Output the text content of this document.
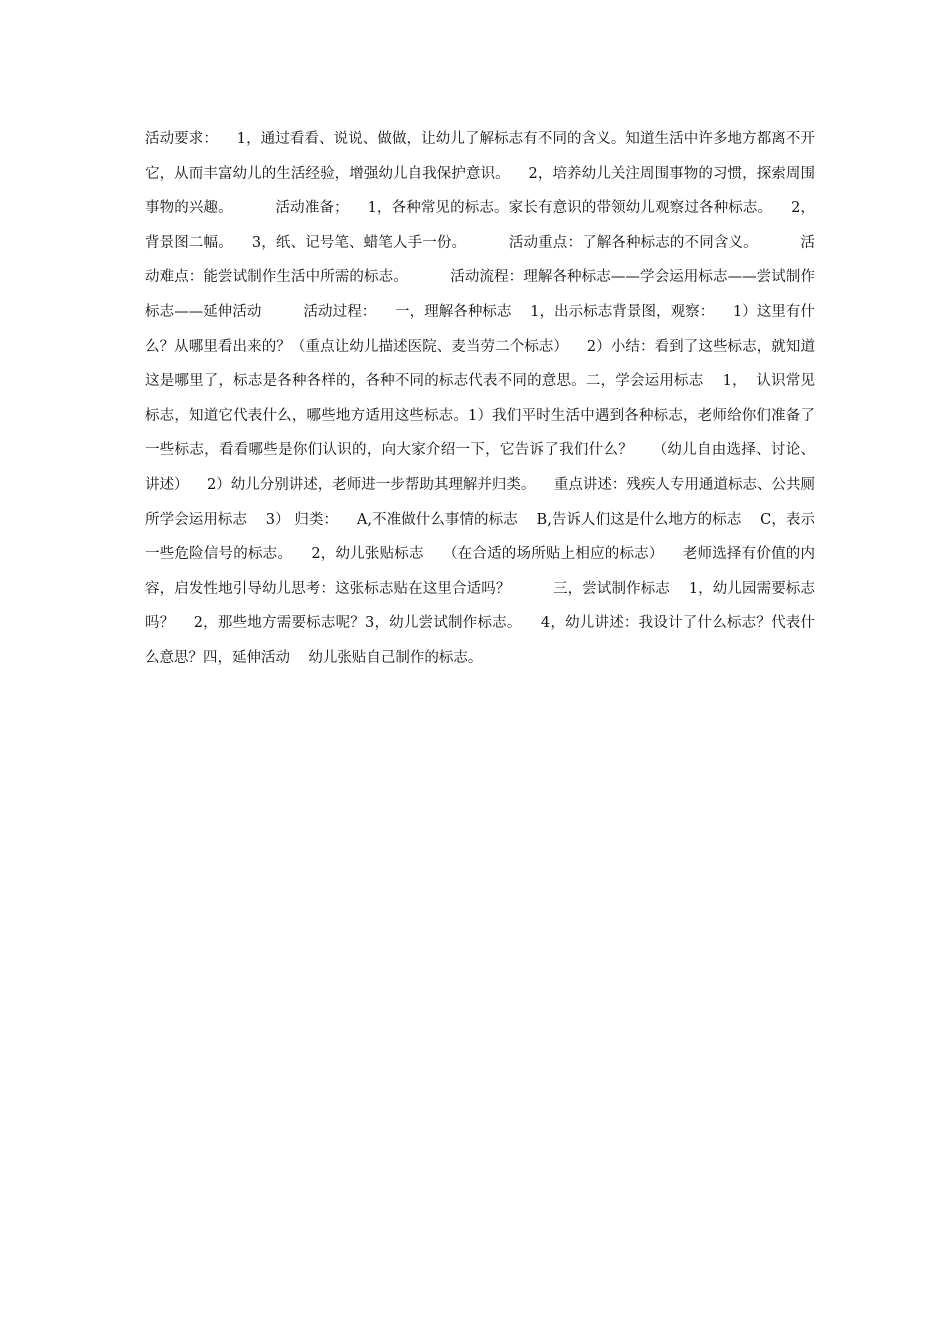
活动要求：    1，通过看看、说说、做做，让幼儿了解标志有不同的含义。知道生活中许多地方都离不开它，从而丰富幼儿的生活经验，增强幼儿自我保护意识。    2，培养幼儿关注周围事物的习惯，探索周围事物的兴趣。         活动准备；    1，各种常见的标志。家长有意识的带领幼儿观察过各种标志。    2，背景图二幅。    3，纸、记号笔、蜡笔人手一份。         活动重点：了解各种标志的不同含义。         活动难点：能尝试制作生活中所需的标志。         活动流程：理解各种标志——学会运用标志——尝试制作标志——延伸活动         活动过程：    一，理解各种标志    1，出示标志背景图，观察：    1）这里有什么？从哪里看出来的？（重点让幼儿描述医院、麦当劳二个标志）    2）小结：看到了这些标志，就知道这是哪里了，标志是各种各样的，各种不同的标志代表不同的意思。二，学会运用标志    1，  认识常见标志，知道它代表什么，哪些地方适用这些标志。1）我们平时生活中遇到各种标志，老师给你们准备了一些标志，看看哪些是你们认识的，向大家介绍一下，它告诉了我们什么？    （幼儿自由选择、讨论、讲述）    2）幼儿分别讲述，老师进一步帮助其理解并归类。    重点讲述：残疾人专用通道标志、公共厕所学会运用标志    3） 归类：    A,不准做什么事情的标志    B,告诉人们这是什么地方的标志    C，表示一些危险信号的标志。    2，幼儿张贴标志    （在合适的场所贴上相应的标志）    老师选择有价值的内容，启发性地引导幼儿思考：这张标志贴在这里合适吗？         三，尝试制作标志    1，幼儿园需要标志吗？    2，那些地方需要标志呢？3，幼儿尝试制作标志。    4，幼儿讲述：我设计了什么标志？代表什么意思？四，延伸活动    幼儿张贴自己制作的标志。
